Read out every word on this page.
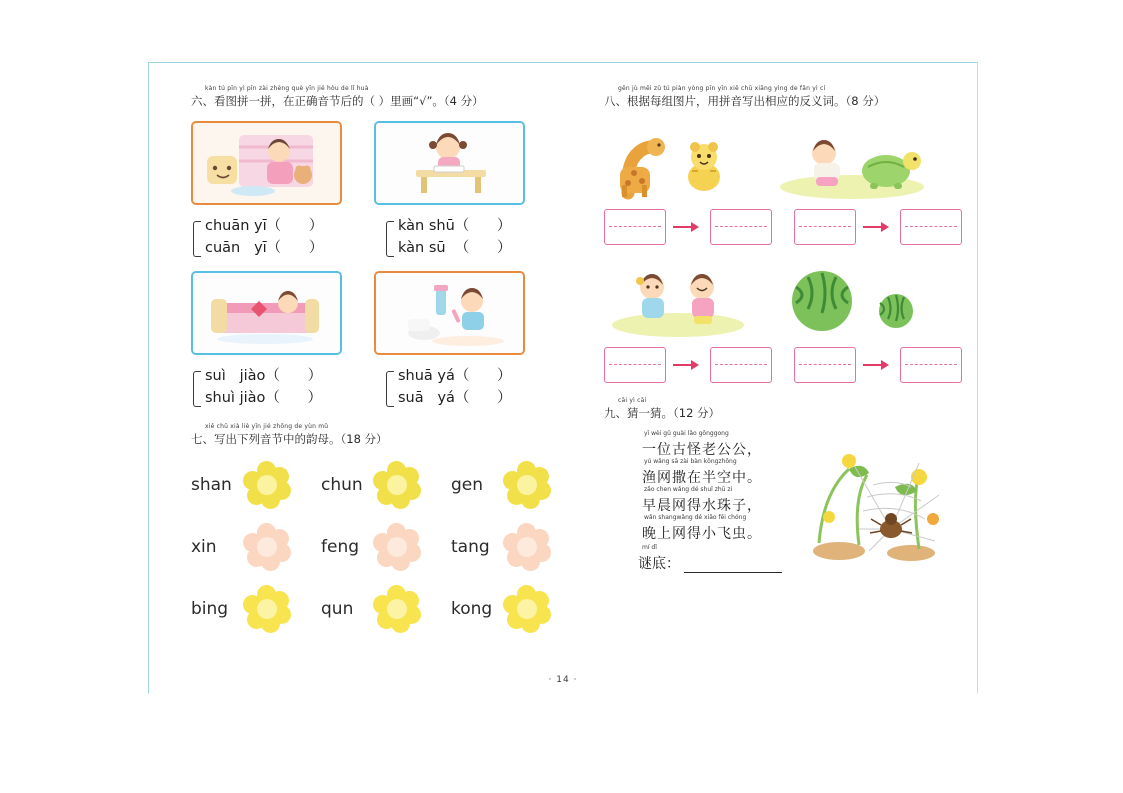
kàn tú pīn yì pīn zài zhèng què yīn jié hòu de lǐ huà
六、看图拼一拼，在正确音节后的（ ）里画“√”。（4 分）
chuān yī（      ）
cuān   yī（      ）
kàn shū（      ）
kàn sū  （      ）
suì   jiào（      ）
shuì jiào（      ）
shuā yá（      ）
suā   yá（      ）
xiě chū xià liè yīn jié zhōng de yùn mǔ
七、写出下列音节中的韵母。（18 分）
shan	chun	gen
xin	feng	tang
bing	qun	kong
gēn jù měi zǔ tú piàn yòng pīn yīn xiě chū xiāng yìng de fǎn yì cí
八、根据每组图片，用拼音写出相应的反义词。（8 分）
cāi yì cāi
九、猜一猜。（12 分）
yī wèi gǔ guài lǎo gōnggong
一位古怪老公公，
yú wǎng sā zài bàn kōngzhōng
渔网撒在半空中。
zǎo chen wǎng dé shuǐ zhū zi
早晨网得水珠子，
wǎn shangwǎng dé xiǎo fēi chóng
晚上网得小飞虫。
mí dǐ
谜底：
· 14 ·
